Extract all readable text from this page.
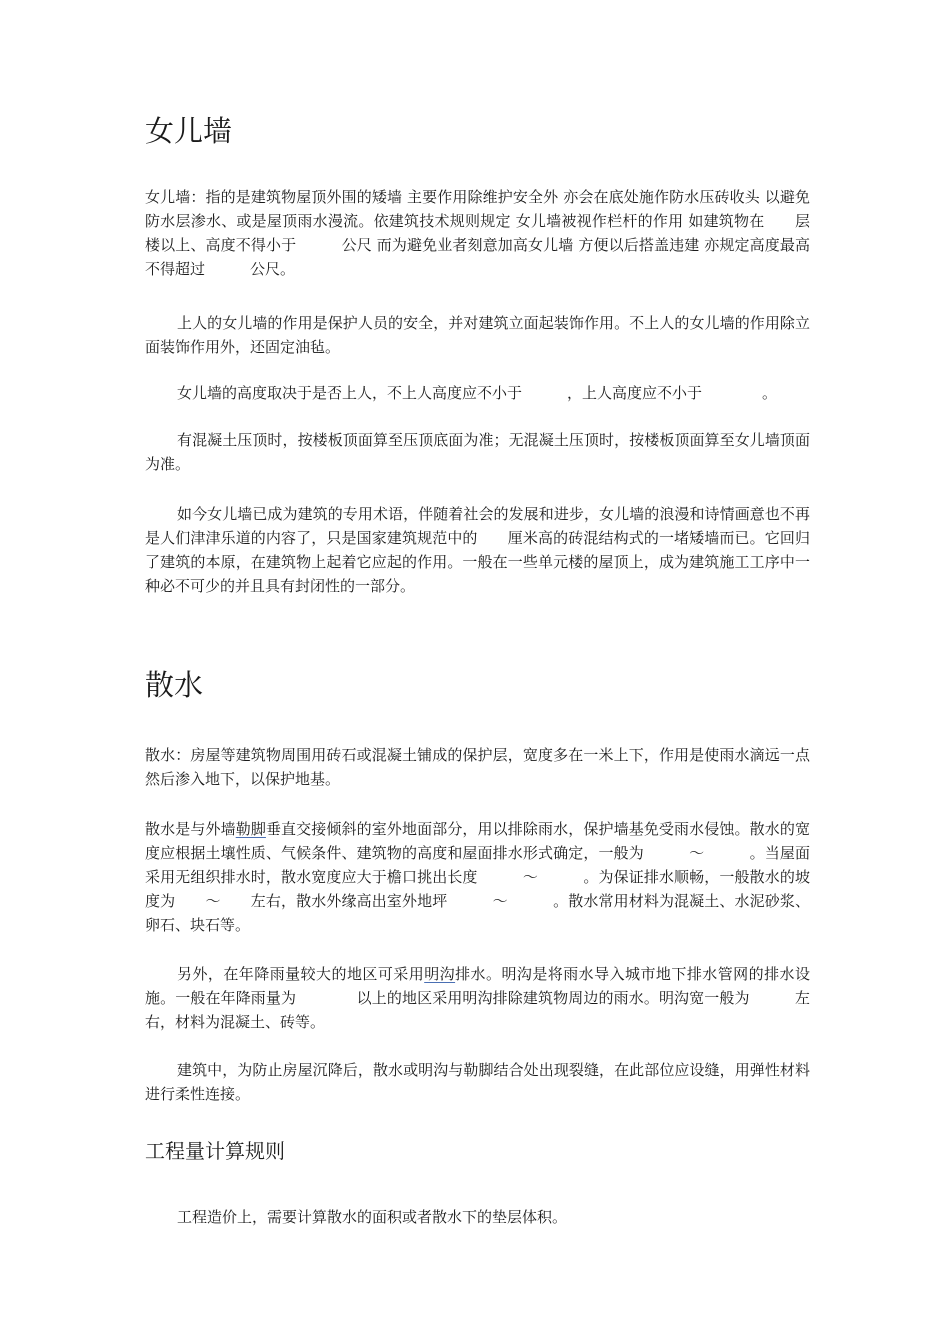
女儿墙

女儿墙：指的是建筑物屋顶外围的矮墙 主要作用除维护安全外 亦会在底处施作防水压砖收头 以避免防水层渗水、或是屋顶雨水漫流。依建筑技术规则规定 女儿墙被视作栏杆的作用 如建筑物在　　层楼以上、高度不得小于　　　公尺 而为避免业者刻意加高女儿墙 方便以后搭盖违建 亦规定高度最高不得超过　　　公尺。

上人的女儿墙的作用是保护人员的安全，并对建筑立面起装饰作用。不上人的女儿墙的作用除立面装饰作用外，还固定油毡。

女儿墙的高度取决于是否上人，不上人高度应不小于　　　，上人高度应不小于　　　　。

有混凝土压顶时，按楼板顶面算至压顶底面为准；无混凝土压顶时，按楼板顶面算至女儿墙顶面为准。

如今女儿墙已成为建筑的专用术语，伴随着社会的发展和进步，女儿墙的浪漫和诗情画意也不再是人们津津乐道的内容了，只是国家建筑规范中的　　厘米高的砖混结构式的一堵矮墙而已。它回归了建筑的本原，在建筑物上起着它应起的作用。一般在一些单元楼的屋顶上，成为建筑施工工序中一种必不可少的并且具有封闭性的一部分。

散水

散水：房屋等建筑物周围用砖石或混凝土铺成的保护层，宽度多在一米上下，作用是使雨水滴远一点然后渗入地下，以保护地基。

散水是与外墙勒脚垂直交接倾斜的室外地面部分，用以排除雨水，保护墙基免受雨水侵蚀。散水的宽度应根据土壤性质、气候条件、建筑物的高度和屋面排水形式确定，一般为　　　～　　　。当屋面采用无组织排水时，散水宽度应大于檐口挑出长度　　　～　　　。为保证排水顺畅，一般散水的坡度为　　～　　左右，散水外缘高出室外地坪　　　～　　　。散水常用材料为混凝土、水泥砂浆、卵石、块石等。

另外，在年降雨量较大的地区可采用明沟排水。明沟是将雨水导入城市地下排水管网的排水设施。一般在年降雨量为　　　　以上的地区采用明沟排除建筑物周边的雨水。明沟宽一般为　　　左右，材料为混凝土、砖等。

建筑中，为防止房屋沉降后，散水或明沟与勒脚结合处出现裂缝，在此部位应设缝，用弹性材料进行柔性连接。

工程量计算规则

工程造价上，需要计算散水的面积或者散水下的垫层体积。
